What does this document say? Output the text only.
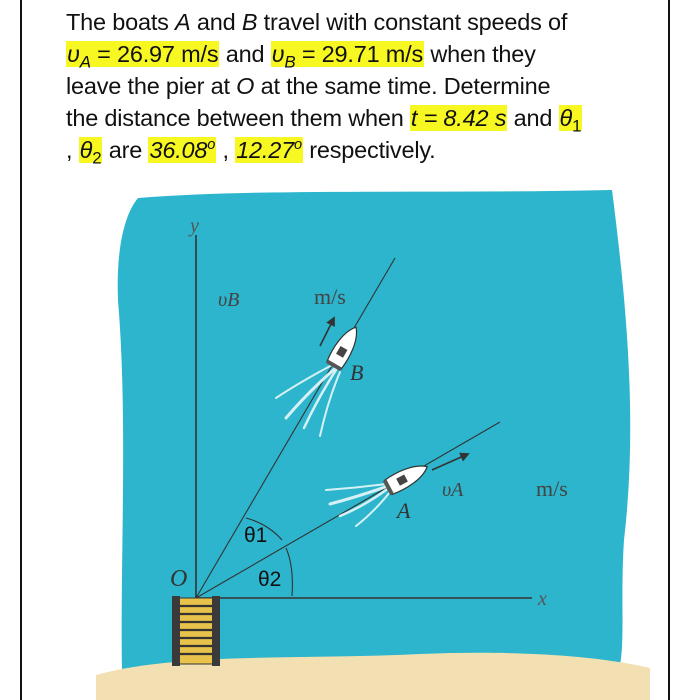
The boats A and B travel with constant speeds of $\upsilon_A = 26.97$ m/s and $\upsilon_B = 29.71$ m/s when they leave the pier at O at the same time. Determine the distance between them when t = 8.42 s and $\theta_1$ , $\theta_2$ are 36.08$^o$ , 12.27$^o$ respectively.
y
x
O
υB
υA
m/s
m/s
B
A
θ1
θ2
